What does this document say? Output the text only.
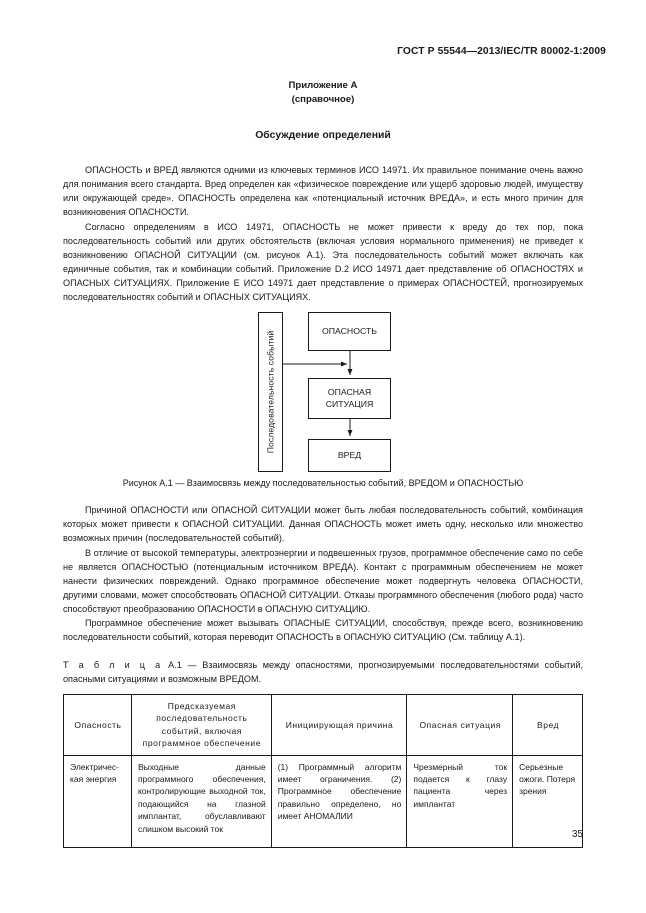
ГОСТ Р 55544—2013/IEC/TR 80002-1:2009
Приложение А
(справочное)
Обсуждение определений

ОПАСНОСТЬ и ВРЕД являются одними из ключевых терминов ИСО 14971. Их правильное понимание очень важно для понимания всего стандарта. Вред определен как «физическое повреждение или ущерб здоровью людей, имуществу или окружающей среде». ОПАСНОСТЬ определена как «потенциальный источник ВРЕДА», и есть много причин для возникновения ОПАСНОСТИ.

Согласно определениям в ИСО 14971, ОПАСНОСТЬ не может привести к вреду до тех пор, пока последовательность событий или других обстоятельств (включая условия нормального применения) не приведет к возникновению ОПАСНОЙ СИТУАЦИИ (см. рисунок А.1). Эта последовательность событий может включать как единичные события, так и комбинации событий. Приложение D.2 ИСО 14971 дает представление об ОПАСНОСТЯХ и ОПАСНЫХ СИТУАЦИЯХ. Приложение Е ИСО 14971 дает представление о примерах ОПАСНОСТЕЙ, прогнозируемых последовательностях событий и ОПАСНЫХ СИТУАЦИЯХ.

Последовательность событий	ОПАСНОСТЬ
ОПАСНАЯ
СИТУАЦИЯ
ВРЕД
Рисунок А.1 — Взаимосвязь между последовательностью событий, ВРЕДОМ и ОПАСНОСТЬЮ

Причиной ОПАСНОСТИ или ОПАСНОЙ СИТУАЦИИ может быть любая последовательность событий, комбинация которых может привести к ОПАСНОЙ СИТУАЦИИ. Данная ОПАСНОСТЬ может иметь одну, несколько или множество возможных причин (последовательностей событий).

В отличие от высокой температуры, электроэнергии и подвешенных грузов, программное обеспечение само по себе не является ОПАСНОСТЬЮ (потенциальным источником ВРЕДА). Контакт с программным обеспечением не может нанести физических повреждений. Однако программное обеспечение может подвергнуть человека ОПАСНОСТИ, другими словами, может способствовать ОПАСНОЙ СИТУАЦИИ. Отказы программного обеспечения (любого рода) часто способствуют преобразованию ОПАСНОСТИ в ОПАСНУЮ СИТУАЦИЮ.

Программное обеспечение может вызывать ОПАСНЫЕ СИТУАЦИИ, способствуя, прежде всего, возникновению последовательности событий, которая переводит ОПАСНОСТЬ в ОПАСНУЮ СИТУАЦИЮ (См. таблицу А.1).

Т а б л и ц а А.1 — Взаимосвязь между опасностями, прогнозируемыми последовательностями событий, опасными ситуациями и возможным ВРЕДОМ.
Опасность	Предсказуемая последовательность событий, включая программное обеспечение	Инициирующая причина	Опасная ситуация	Вред
Электричес-кая энергия	Выходные данные программного обеспечения, контролирующие выходной ток, подающийся на глазной имплантат, обуславливают слишком высокий ток	(1) Программный алгоритм имеет ограничения. (2) Программное обеспечение правильно определено, но имеет АНОМАЛИИ	Чрезмерный ток подается к глазу пациента через имплантат	Серьезные ожоги. Потеря зрения
35
